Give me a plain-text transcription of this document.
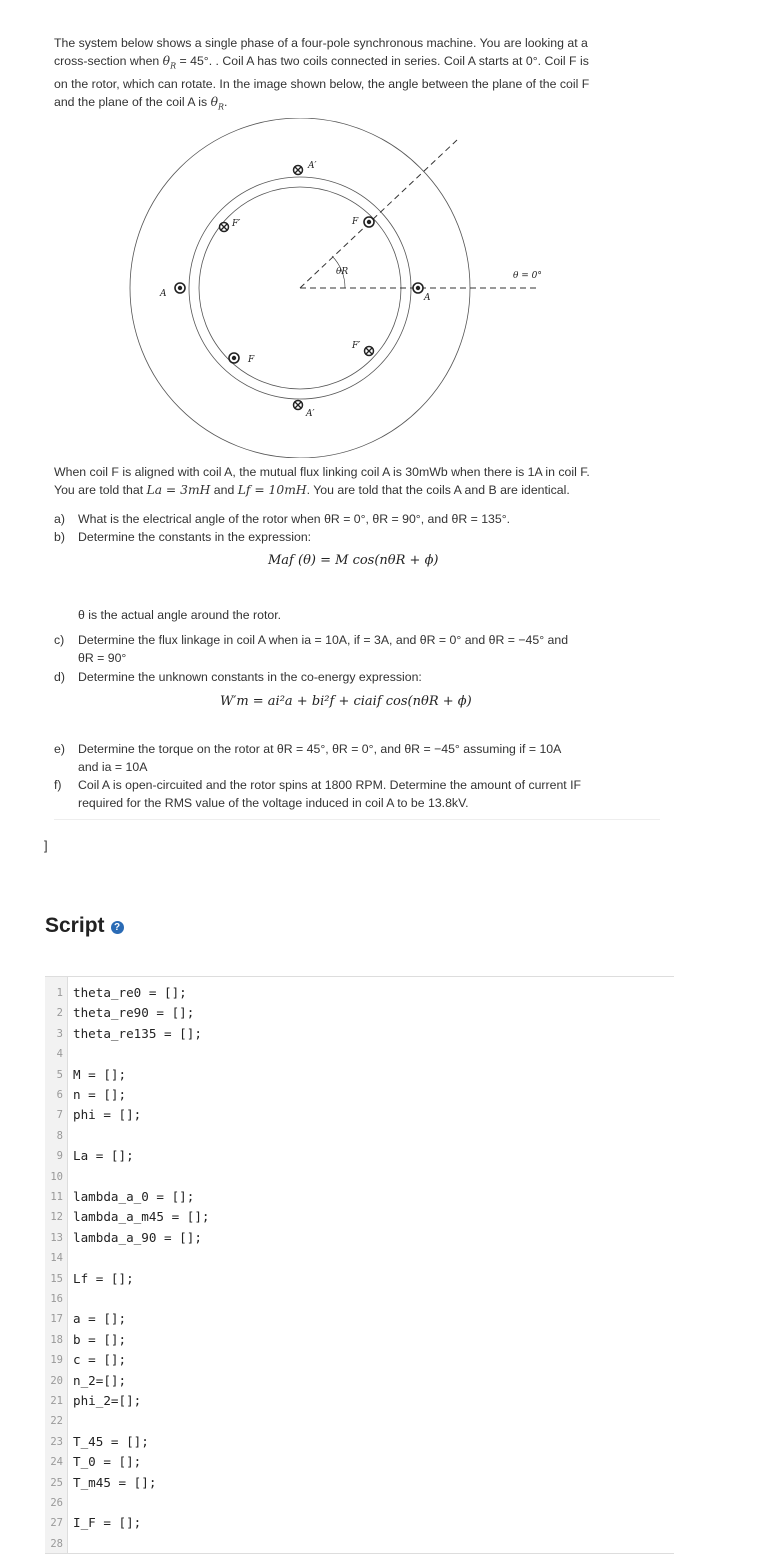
The system below shows a single phase of a four-pole synchronous machine. You are looking at a
cross-section when $\theta_R = 45^\circ$. . Coil A has two coils connected in series. Coil A starts at 0°. Coil F is
on the rotor, which can rotate. In the image shown below, the angle between the plane of the coil F
and the plane of the coil A is $\theta_R$.
A′
A′
A	A
F′	F
F
F′
θR	θ = 0°
When coil F is aligned with coil A, the mutual flux linking coil A is 30mWb when there is 1A in coil F.
You are told that La = 3mH and Lf = 10mH. You are told that the coils A and B are identical.
a) What is the electrical angle of the rotor when θR = 0°, θR = 90°, and θR = 135°.
b) Determine the constants in the expression:
Maf (θ) = M cos(nθR + ϕ)
θ is the actual angle around the rotor.
c) Determine the flux linkage in coil A when ia = 10A, if = 3A, and θR = 0° and θR = −45° and
θR = 90°
d) Determine the unknown constants in the co-energy expression:
W′m = ai²a + bi²f + ciaif cos(nθR + ϕ)
e) Determine the torque on the rotor at θR = 45°, θR = 0°, and θR = −45° assuming if = 10A
and ia = 10A
f) Coil A is open-circuited and the rotor spins at 1800 RPM. Determine the amount of current IF
required for the RMS value of the voltage induced in coil A to be 13.8kV.
]
Script ?
1 theta_re0 = [];
2 theta_re90 = [];
3 theta_re135 = [];
4
5 M = [];
6 n = [];
7 phi = [];
8
9 La = [];
10
11 lambda_a_0 = [];
12 lambda_a_m45 = [];
13 lambda_a_90 = [];
14
15 Lf = [];
16
17 a = [];
18 b = [];
19 c = [];
20 n_2=[];
21 phi_2=[];
22
23 T_45 = [];
24 T_0 = [];
25 T_m45 = [];
26
27 I_F = [];
28
